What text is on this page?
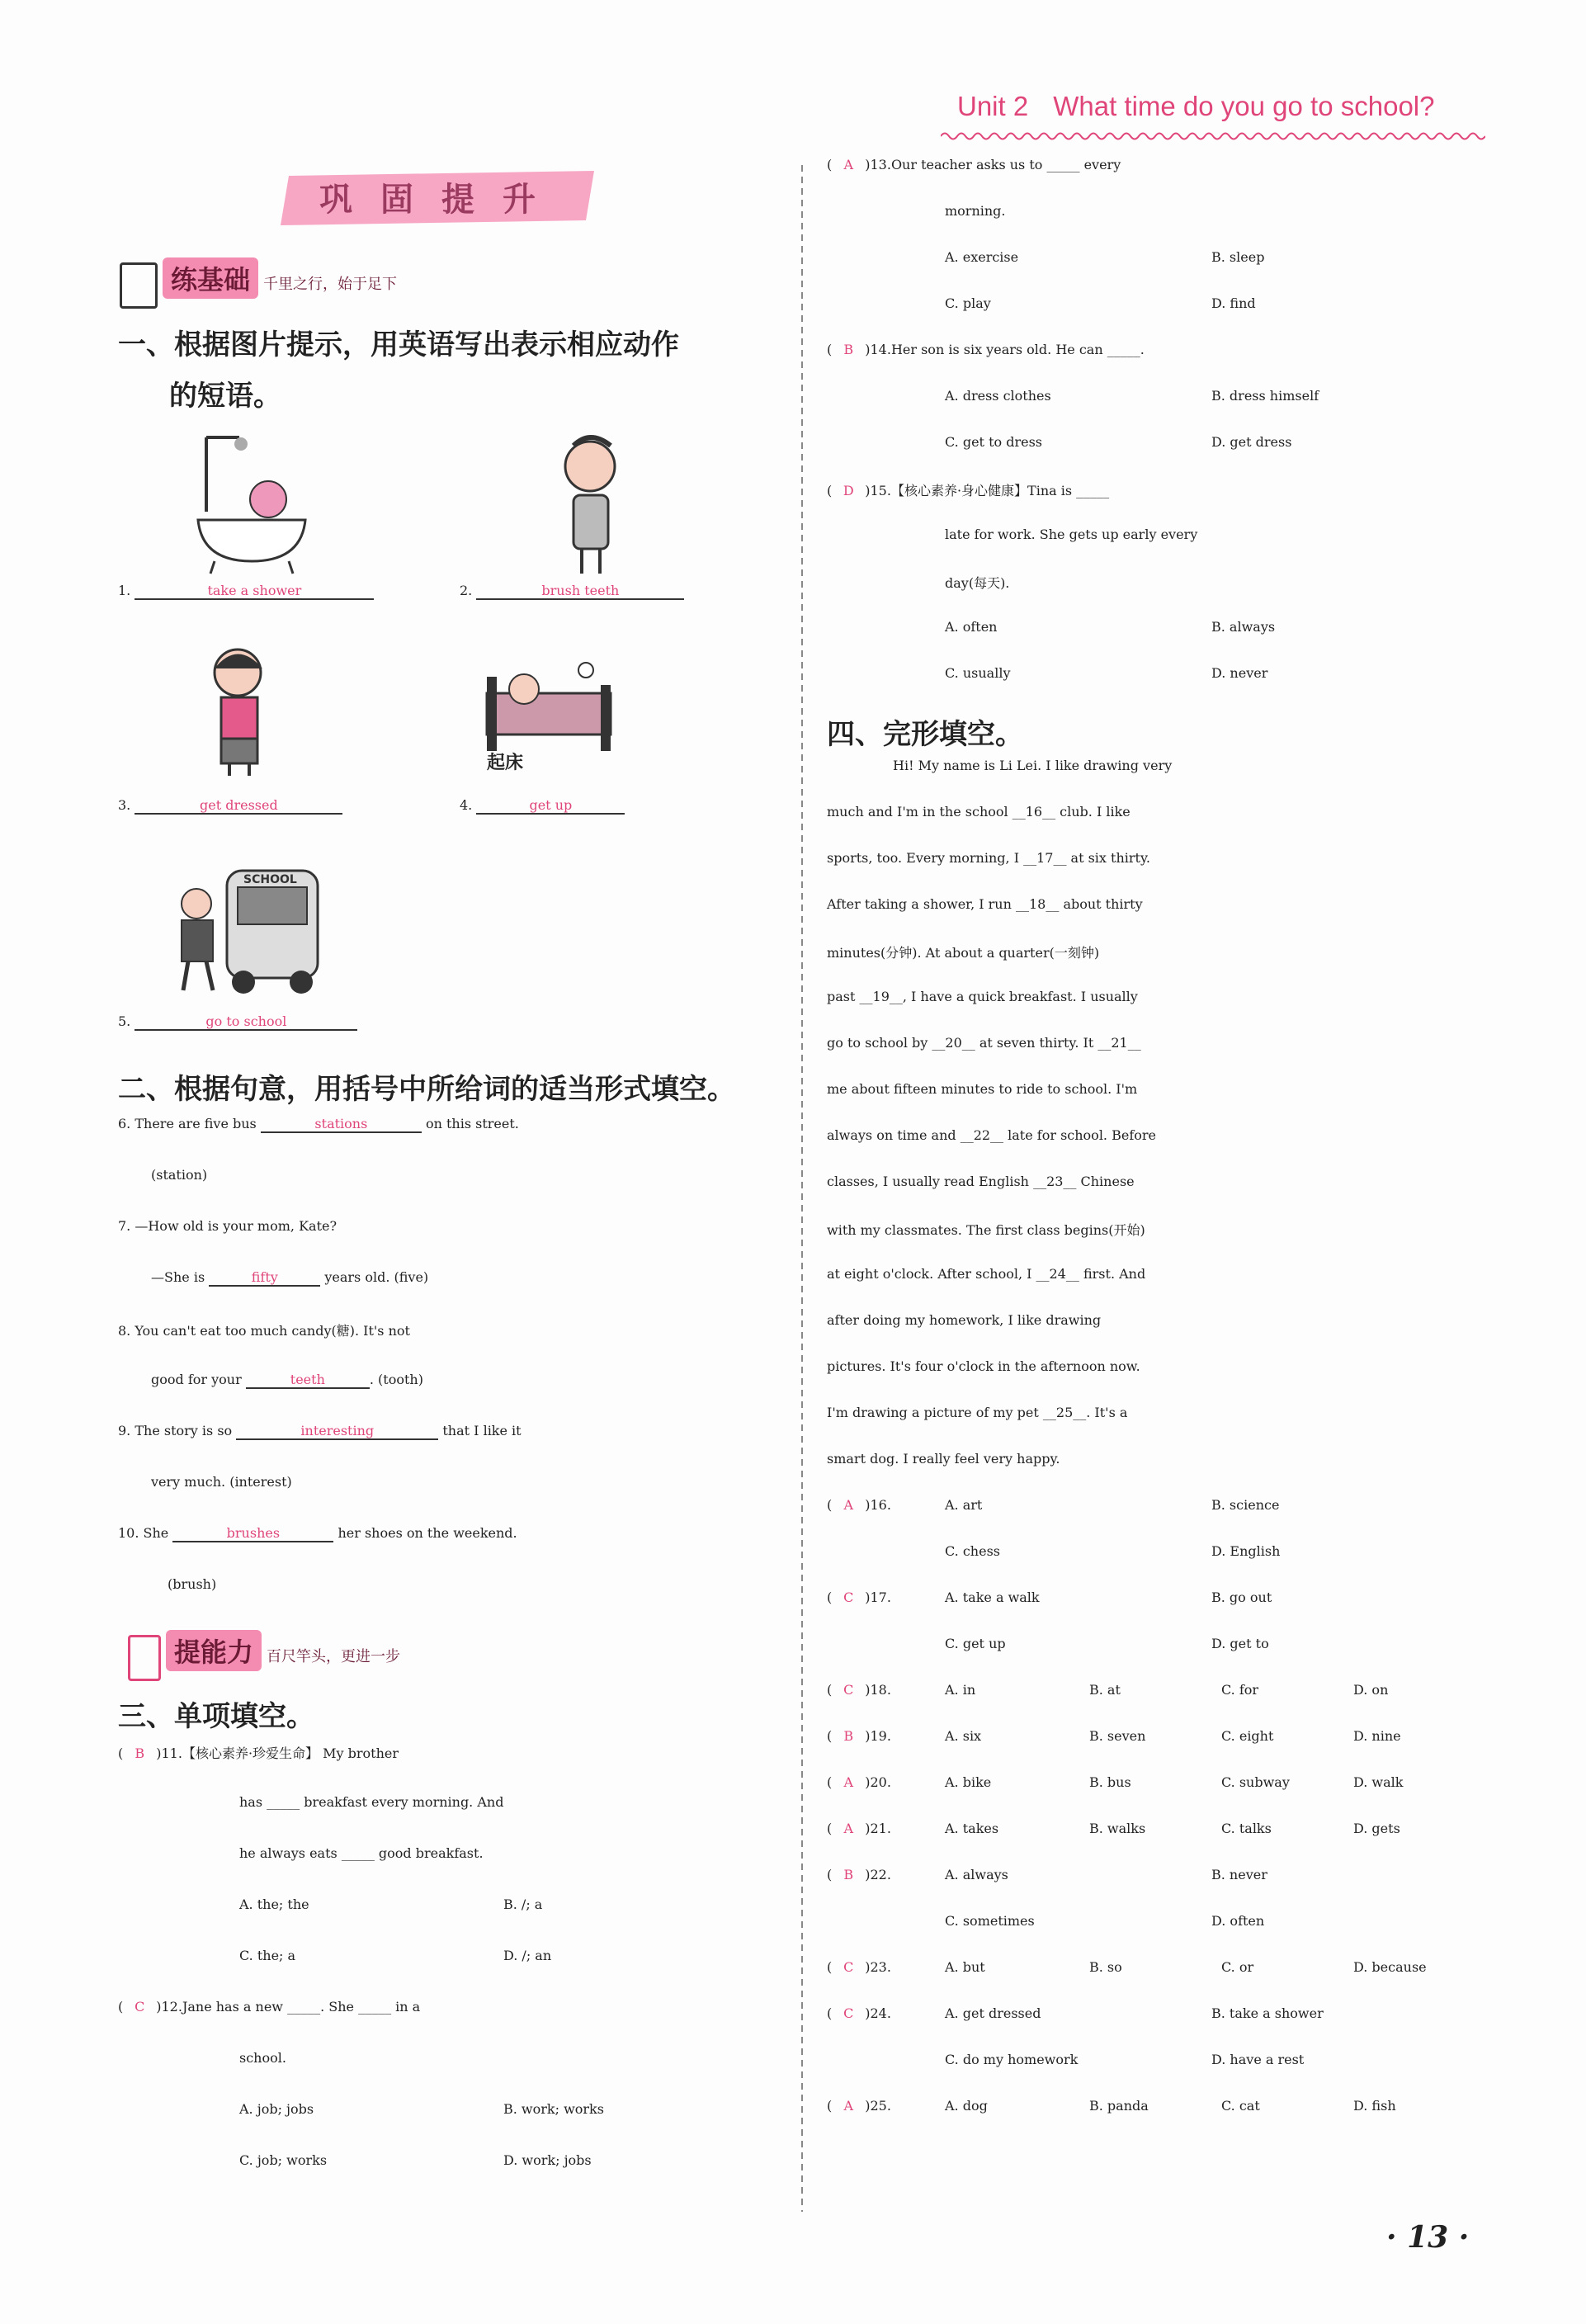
Unit 2 What time do you go to school?
巩固提升
练基础 千里之行，始于足下
一、根据图片提示，用英语写出表示相应动作
的短语。
1.	take a shower	2.	brush teeth
起床
3.	get dressed	4.	get up
SCHOOL
5.	go to school
二、根据句意，用括号中所给词的适当形式填空。
6. There are five bus	stations	on this street.
(station)
7. —How old is your mom, Kate?
—She is	fifty	years old. (five)
8. You can't eat too much candy(糖). It's not
good for your	teeth	. (tooth)
9. The story is so	interesting	that I like it
very much. (interest)
10. She	brushes	her shoes on the weekend.
(brush)
提能力 百尺竿头，更进一步
三、单项填空。
( B )11.【核心素养·珍爱生命】 My brother
has _____ breakfast every morning. And
he always eats _____ good breakfast.
A. the; the	B. /; a
C. the; a	D. /; an
( C )12.Jane has a new _____. She _____ in a
school.
A. job; jobs	B. work; works
C. job; works	D. work; jobs
( A )13.Our teacher asks us to _____ every
morning.
A. exercise	B. sleep
C. play	D. find
( B )14.Her son is six years old. He can _____.
A. dress clothes	B. dress himself
C. get to dress	D. get dress
( D )15.【核心素养·身心健康】Tina is _____
late for work. She gets up early every
day(每天).
A. often	B. always
C. usually	D. never
四、完形填空。
Hi! My name is Li Lei. I like drawing very
much and I'm in the school __16__ club. I like
sports, too. Every morning, I __17__ at six thirty.
After taking a shower, I run __18__ about thirty
minutes(分钟). At about a quarter(一刻钟)
past __19__, I have a quick breakfast. I usually
go to school by __20__ at seven thirty. It __21__
me about fifteen minutes to ride to school. I'm
always on time and __22__ late for school. Before
classes, I usually read English __23__ Chinese
with my classmates. The first class begins(开始)
at eight o'clock. After school, I __24__ first. And
after doing my homework, I like drawing
pictures. It's four o'clock in the afternoon now.
I'm drawing a picture of my pet __25__. It's a
smart dog. I really feel very happy.
( A )16.	A. art	B. science
C. chess	D. English
( C )17.	A. take a walk	B. go out
C. get up	D. get to
( C )18.	A. in	B. at	C. for	D. on
( B )19.	A. six	B. seven	C. eight	D. nine
( A )20.	A. bike	B. bus	C. subway	D. walk
( A )21.	A. takes	B. walks	C. talks	D. gets
( B )22.	A. always	B. never
C. sometimes	D. often
( C )23.	A. but	B. so	C. or	D. because
( C )24.	A. get dressed	B. take a shower
C. do my homework	D. have a rest
( A )25.	A. dog	B. panda	C. cat	D. fish
· 13 ·
